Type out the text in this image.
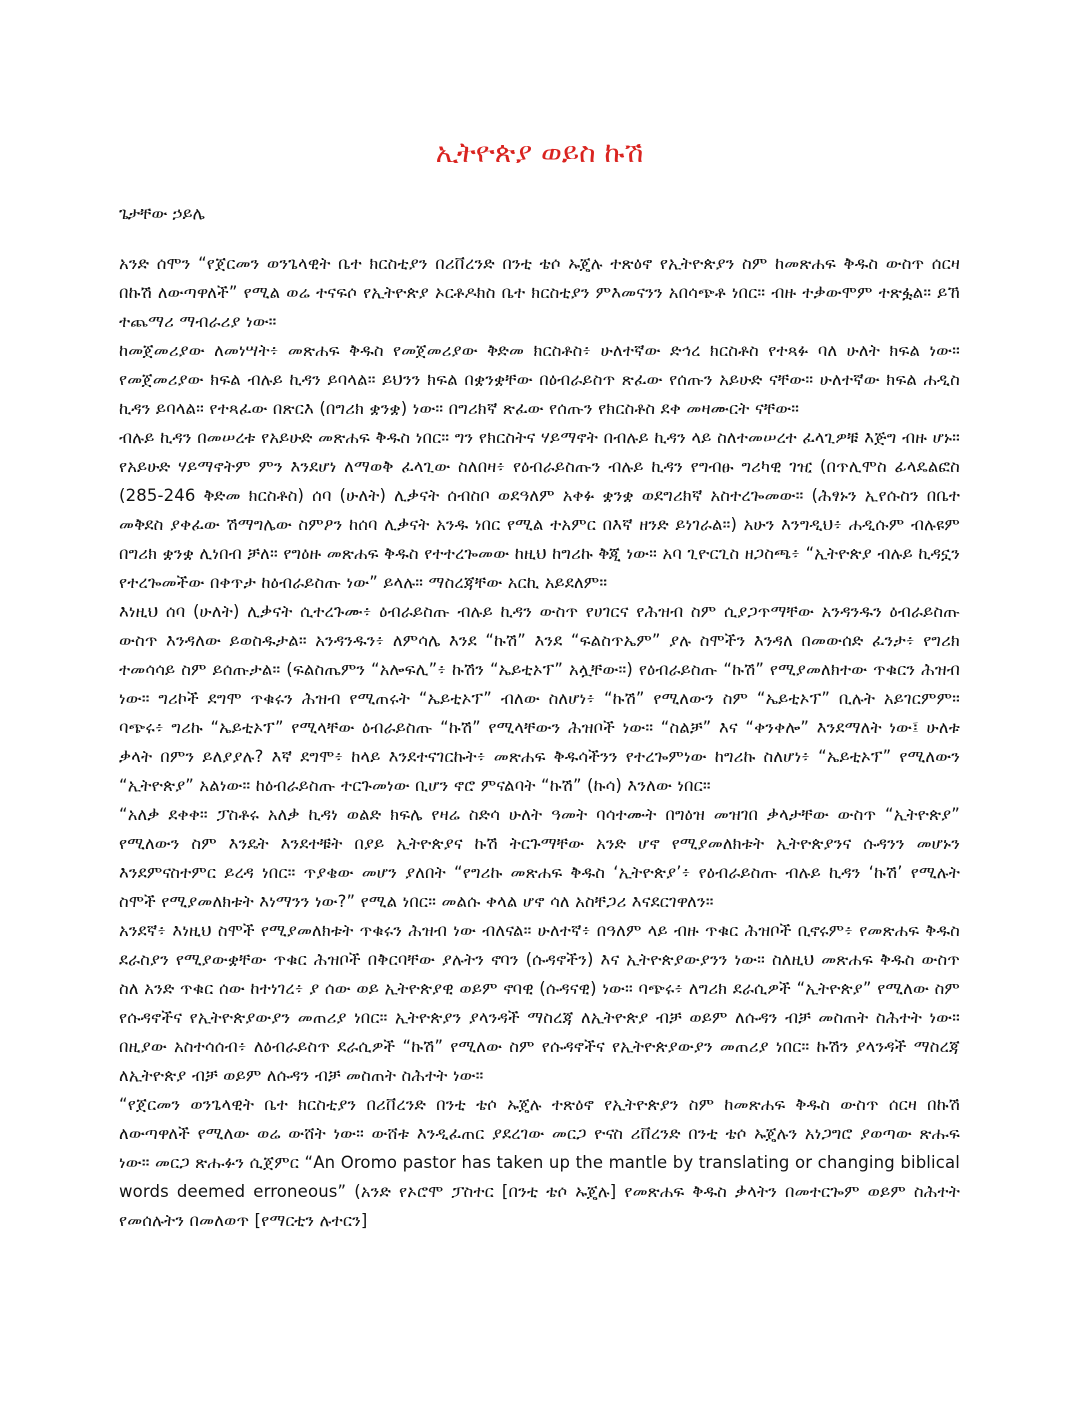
ኢትዮጵያ ወይስ ኩሽ
ጌታቸው ኃይሌ

አንድ ሰሞን “የጀርመን ወንጌላዊት ቤተ ክርስቲያን በሪቨረንድ በንቲ ቴሶ ኡጄሉ ተጽዕኖ የኢትዮጵያን ስም ከመጽሐፍ ቅዱስ ውስጥ ሰርዛ በኩሽ ለውጣዋለች” የሚል ወሬ ተናፍሶ የኢትዮጵያ ኦርቶዶክስ ቤተ ክርስቲያን ምእመናንን አበሳጭቶ ነበር። ብዙ ተቃውሞም ተጽፏል። ይኸ ተጨማሪ ማብራሪያ ነው።

ከመጀመሪያው ለመነሣት፥ መጽሐፍ ቅዱስ የመጀመሪያው ቅድመ ክርስቶስ፥ ሁለተኛው ድኅረ ክርስቶስ የተጻፉ ባለ ሁለት ክፍል ነው። የመጀመሪያው ክፍል ብሉይ ኪዳን ይባላል። ይህንን ክፍል በቋንቋቸው በዕብራይስጥ ጽፈው የሰጡን አይሁድ ናቸው። ሁለተኛው ክፍል ሐዲስ ኪዳን ይባላል። የተጻፈው በጽርእ (በግሪክ ቋንቋ) ነው። በግሪክኛ ጽፈው የሰጡን የክርስቶስ ደቀ መዛሙርት ናቸው።

ብሉይ ኪዳን በመሠረቱ የአይሁድ መጽሐፍ ቅዱስ ነበር። ግን የክርስትና ሃይማኖት በብሉይ ኪዳን ላይ ስለተመሠረተ ፈላጊዎቹ እጅግ ብዙ ሆኑ። የአይሁድ ሃይማኖትም ምን እንደሆነ ለማወቅ ፈላጊው ስለበዛ፥ የዕብራይስጡን ብሉይ ኪዳን የግብፁ ግሪካዊ ገዢ (በጥሊሞስ ፊላዴልፎስ (285-246 ቅድመ ክርስቶስ) ሰባ (ሁለት) ሊቃናት ሰብስቦ ወደዓለም አቀፉ ቋንቋ ወደግሪክኛ አስተረጐመው። (ሕፃኑን ኢየሱስን በቤተ መቅደስ ያቀፈው ሽማግሌው ስምዖን ከሰባ ሊቃናት አንዱ ነበር የሚል ተአምር በእኛ ዘንድ ይነገራል።) አሁን እንግዲህ፥ ሐዲሱም ብሉዩም በግሪክ ቋንቋ ሊነበብ ቻለ። የግዕዙ መጽሐፍ ቅዱስ የተተረጐመው ከዚህ ከግሪኩ ቅጂ ነው። አባ ጊዮርጊስ ዘጋስጫ፥ “ኢትዮጵያ ብሉይ ኪዳኗን የተረጐመችው በቀጥታ ከዕብራይስጡ ነው” ይላሉ። ማስረጃቸው አርኪ አይደለም።

እነዚህ ሰባ (ሁለት) ሊቃናት ሲተረጉሙ፥ ዕብራይስጡ ብሉይ ኪዳን ውስጥ የሀገርና የሕዝብ ስም ሲያጋጥማቸው አንዳንዱን ዕብራይስጡ ውስጥ እንዳለው ይወስዱታል። አንዳንዱን፥ ለምሳሌ እንደ “ኩሽ” እንደ “ፍልስጥኤም” ያሉ ስሞችን እንዳለ በመውሰድ ፈንታ፥ የግሪክ ተመሳሳይ ስም ይሰጡታል። (ፍልስጤምን “አሎፍሊ”፥ ኩሽን “ኤይቲኦፕ” አሏቸው።) የዕብራይስጡ “ኩሽ” የሚያመለክተው ጥቁርን ሕዝብ ነው። ግሪኮች ደግሞ ጥቁሩን ሕዝብ የሚጠሩት “ኤይቲኦፕ” ብለው ስለሆነ፥ “ኩሽ” የሚለውን ስም “ኤይቲኦፕ” ቢሉት አይገርምም። ባጭሩ፥ ግሪኩ “ኤይቲኦፕ” የሚላቸው ዕብራይስጡ “ኩሽ” የሚላቸውን ሕዝቦች ነው። “ስልቻ” እና “ቀንቀሎ” እንደማለት ነው፤ ሁለቱ ቃላት በምን ይለያያሉ? እኛ ደግሞ፥ ከላይ እንደተናገርኩት፥ መጽሐፍ ቅዱሳችንን የተረጐምነው ከግሪኩ ስለሆነ፥ “ኤይቲኦፕ” የሚለውን “ኢትዮጵያ” አልነው። ከዕብራይስጡ ተርጉመነው ቢሆን ኖሮ ምናልባት “ኩሽ” (ኩሳ) እንለው ነበር።

“አለቃ ደቀቀ። ፓስቶሩ አለቃ ኪዳነ ወልድ ክፍሌ የዛሬ ስድሳ ሁለት ዓመት ባሳተሙት በግዕዝ መዝገበ ቃላታቸው ውስጥ “ኢትዮጵያ” የሚለውን ስም እንዴት እንደተቹት በያይ ኢትዮጵያና ኩሽ ትርጉማቸው አንድ ሆኖ የሚያመለክቱት ኢትዮጵያንና ሱዳንን መሆኑን እንደምናስተምር ይረዳ ነበር። ጥያቄው መሆን ያለበት “የግሪኩ መጽሐፍ ቅዱስ ‘ኢትዮጵያ’፥ የዕብራይስጡ ብሉይ ኪዳን ‘ኩሽ’ የሚሉት ስሞች የሚያመለክቱት እነማንን ነው?” የሚል ነበር። መልሱ ቀላል ሆኖ ሳለ አስቸጋሪ እናደርገዋለን።

አንደኛ፥ እነዚህ ስሞች የሚያመለክቱት ጥቁሩን ሕዝብ ነው ብለናል። ሁለተኛ፥ በዓለም ላይ ብዙ ጥቁር ሕዝቦች ቢኖሩም፥ የመጽሐፍ ቅዱስ ደራስያን የሚያውቋቸው ጥቁር ሕዝቦች በቅርባቸው ያሉትን ኖባን (ሱዳኖችን) እና ኢትዮጵያውያንን ነው። ስለዚህ መጽሐፍ ቅዱስ ውስጥ ስለ አንድ ጥቁር ሰው ከተነገረ፥ ያ ሰው ወይ ኢትዮጵያዊ ወይም ኖባዊ (ሱዳናዊ) ነው። ባጭሩ፥ ለግሪክ ደራሲዎች “ኢትዮጵያ” የሚለው ስም የሱዳኖችና የኢትዮጵያውያን መጠሪያ ነበር። ኢትዮጵያን ያላንዳች ማስረጃ ለኢትዮጵያ ብቻ ወይም ለሱዳን ብቻ መስጠት ስሕተት ነው። በዚያው አስተሳሰብ፥ ለዕብራይስጥ ደራሲዎች “ኩሽ” የሚለው ስም የሱዳኖችና የኢትዮጵያውያን መጠሪያ ነበር። ኩሽን ያላንዳች ማስረጃ ለኢትዮጵያ ብቻ ወይም ለሱዳን ብቻ መስጠት ስሕተት ነው።

“የጀርመን ወንጌላዊት ቤተ ክርስቲያን በሪቨረንድ በንቲ ቴሶ ኡጄሉ ተጽዕኖ የኢትዮጵያን ስም ከመጽሐፍ ቅዱስ ውስጥ ሰርዛ በኩሽ ለውጣዋለች የሚለው ወሬ ውሸት ነው። ውሸቱ እንዲፈጠር ያደረገው መርጋ ዮናስ ሪቨረንድ በንቲ ቴሶ ኡጄሉን አነጋግሮ ያወጣው ጽሑፍ ነው። መርጋ ጽሑፉን ሲጀምር “An Oromo pastor has taken up the mantle by translating or changing biblical words deemed erroneous” (አንድ የኦሮሞ ፓስተር [በንቲ ቴሶ ኡጄሉ] የመጽሐፍ ቅዱስ ቃላትን በመተርጐም ወይም ስሕተት የመሰሉትን በመለወጥ [የማርቲን ሉተርን]
